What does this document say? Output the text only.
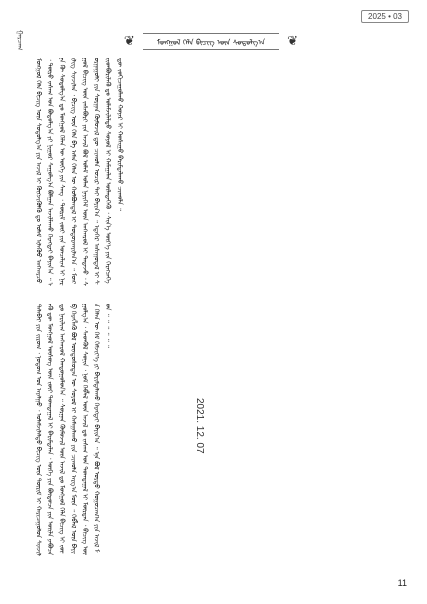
2025 • 03
ᠭᠠᠷᠴᠠᠭ	❦	ᠮᠣᠩᠭᠣᠯ ᠬᠡᠯᠡ ᠪᠢᠴᠢᠭ ᠦᠨ ᠰᠤᠳᠤᠯᠭ᠎ᠠ	❦
ᠮᠣᠩᠭᠣᠯ ᠬᠡᠯᠡ ᠪᠢᠴᠢᠭ ᠦᠨ ᠰᠤᠳᠤᠯᠭ᠎ᠠ ᠶᠢᠨ ᠠᠵᠢᠯ ᠢ ᠬᠥᠭᠵᠢᠭᠦᠯᠬᠦ ᠳᠤ ᠤᠯᠠᠮ ᠢᠯᠡᠭᠦᠦ ᠠᠩᠬᠠᠷᠴᠤ ᠂ ᠲᠥᠷᠦ ᠵᠠᠰᠠᠭ ᠤᠨ ᠪᠣᠳᠣᠯᠭ᠎ᠠ ᠶᠢ ᠨᠢᠭᠤᠷ ᠰᠠᠭᠤᠯᠭ᠎ᠠ ᠪᠣᠯᠭᠠᠨ ᠠᠵᠢᠯᠯᠠᠬᠤ ᠬᠡᠷᠡᠭᠲᠡᠢ ᠪᠠᠶᠢᠨ᠎ᠠ ᠃ ᠡᠨᠡ ᠬᠦ ᠰᠤᠳᠤᠯᠭ᠎ᠠ ᠳᠤ ᠮᠣᠩᠭᠣᠯ ᠬᠡᠯᠡᠨ ᠦ ᠦᠭᠡ ᠶᠢᠨ ᠰᠠᠩ ᠂ ᠳᠦᠷᠢᠮ ᠵᠦᠢ ᠶᠢᠨ ᠣᠨᠴᠠᠯᠢᠭ ᠢ ᠨᠠᠷᠢᠯᠢᠭ ᠰᠢᠨᠵᠢᠯᠡᠨ ᠂ ᠪᠢᠴᠢᠭ ᠦᠨ ᠬᠡᠯᠡ ᠪᠠ ᠠᠮᠠᠨ ᠬᠡᠯᠡᠨ ᠦ ᠬᠣᠯᠪᠣᠭᠳᠠᠯ ᠢ ᠲᠣᠳᠣᠷᠬᠠᠶᠢᠯᠠᠨ᠎ᠠ ᠃ ᠮᠣᠩᠭᠣᠯ ᠪᠢᠴᠢᠭ ᠦᠨ ᠵᠠᠰᠠᠪᠤᠷᠢ ᠶᠢᠨ ᠠᠵᠢᠯ ᠪᠣᠯ ᠤᠯᠠᠮ ᠣᠯᠠᠨ ᠨᠡᠶᠢᠭᠡᠮ ᠦᠨ ᠠᠩᠬᠠᠷᠤᠯ ᠢ ᠲᠠᠲᠠᠵᠤ ᠂ ᠰᠤᠷᠭᠠᠭᠤᠯᠢ ᠶᠢᠨ ᠰᠤᠷᠭᠠᠨ ᠬᠥᠮᠦᠵᠢᠯ ᠳᠦ ᠴᠢᠬᠤᠯᠠ ᠤᠴᠢᠷ ᠲᠠᠢ ᠪᠠᠶᠢᠨ᠎ᠠ ᠃ ᠡᠳᠡᠭᠡᠷ ᠠᠰᠠᠭᠤᠳᠠᠯ ᠢ ᠰᠢᠢᠳᠪᠦᠷᠢᠯᠡᠬᠦ ᠳᠤ ᠤᠯᠠᠮᠵᠢᠯᠠᠯᠲᠤ ᠰᠣᠶᠣᠯ ᠢ ᠬᠠᠮᠠᠭᠠᠯᠠᠨ ᠦᠯᠡᠳᠡᠭᠡᠬᠦ ᠂ ᠰᠢᠨ᠎ᠡ ᠦᠶ᠎ᠡ ᠶᠢᠨ ᠬᠡᠷᠡᠭᠴᠡᠭᠡ ᠳᠦ ᠵᠣᠬᠢᠴᠠᠭᠤᠯᠬᠤ ᠬᠣᠶᠠᠷ ᠢ ᠬᠣᠰᠢᠭᠤ ᠪᠠᠷᠢᠮᠲᠠᠯᠠᠬᠤ ᠴᠢᠬᠤᠯᠠ ᠃
2021. 12. 07
ᠲᠠᠯᠠᠪᠠᠢ ᠶᠢᠨ ᠵᠢᠷᠤᠭ ᠂ ᠨᠤᠲᠤᠭ ᠤᠨ ᠠᠶᠠᠯᠭᠤ ᠂ ᠤᠯᠠᠮᠵᠢᠯᠠᠯᠲᠤ ᠪᠢᠴᠢᠭ ᠦᠨ ᠳᠦᠷᠢᠮ ᠢ ᠬᠠᠷᠢᠴᠠᠭᠤᠯᠤᠨ ᠰᠢᠨᠵᠢᠯᠡᠬᠦ ᠳᠦ ᠮᠣᠩᠭᠣᠯ ᠦᠰᠦᠭ ᠦᠨ ᠵᠦᠢ ᠲᠣᠭᠲᠠᠭᠠᠯ ᠢ ᠪᠠᠷᠢᠮᠲᠠᠯᠠᠨ ᠂ ᠦᠭᠡ ᠶᠢᠨ ᠪᠦᠲᠦᠴᠡ ᠶᠢᠨ ᠦᠢᠯᠡ ᠶᠠᠪᠤᠴᠠ ᠳᠤ ᠨᠠᠷᠢᠯᠢᠭ ᠠᠩᠬᠠᠷᠤᠯ ᠬᠠᠨᠳᠤᠭᠤᠯᠤᠨ᠎ᠠ ᠃ ᠰᠤᠷᠭᠠᠨ ᠬᠦᠮᠦᠵᠢᠯ ᠦᠨ ᠠᠵᠢᠯ ᠳᠤ ᠮᠣᠩᠭᠣᠯ ᠬᠡᠯᠡ ᠪᠢᠴᠢᠭ ᠢ ᠵᠥᠪ ᠬᠡᠷᠡᠭᠯᠡᠬᠦ ᠪᠣᠯ ᠦᠨᠳᠦᠰᠦᠲᠡᠨ ᠦ ᠰᠣᠶᠣᠯ ᠢ ᠬᠠᠮᠠᠭᠠᠯᠠᠬᠤ ᠶᠢᠨ ᠴᠢᠬᠤᠯᠠ ᠠᠷᠭ᠎ᠠ ᠮᠥᠨ ᠃ ᠬᠡᠪᠯᠡᠯ ᠦᠨ ᠪᠠᠶᠢᠭᠤᠯᠭ᠎ᠠ ᠂ ᠰᠡᠳᠬᠦᠯ ᠰᠣᠨᠢᠨ ᠂ ᠨᠣᠮ ᠬᠡᠪᠯᠡᠯ ᠦᠨ ᠠᠵᠢᠯ ᠳᠤ ᠵᠠᠰᠠᠭ ᠤᠨ ᠲᠣᠭᠲᠠᠭᠠᠯ ᠢ ᠮᠥᠷᠳᠡᠨ ᠂ ᠪᠢᠴᠢᠭ ᠦᠨ ᠬᠡᠯᠡᠨ ᠦ ᠬᠡᠮ ᠬᠡᠮᠵᠢᠶ᠎ᠡ ᠶᠢ ᠪᠠᠷᠢᠮᠲᠠᠯᠠᠬᠤ ᠬᠡᠷᠡᠭᠲᠡᠢ ᠪᠠᠶᠢᠨ᠎ᠠ ᠃ ᠡᠨᠡ ᠪᠣᠯ ᠤᠷᠲᠤ ᠬᠤᠭᠤᠴᠠᠭ᠎ᠠ ᠶᠢᠨ ᠠᠵᠢᠯ ᠮᠥᠨ ᠃ ᠃ ᠃ ᠃ ᠃ ᠃
11
